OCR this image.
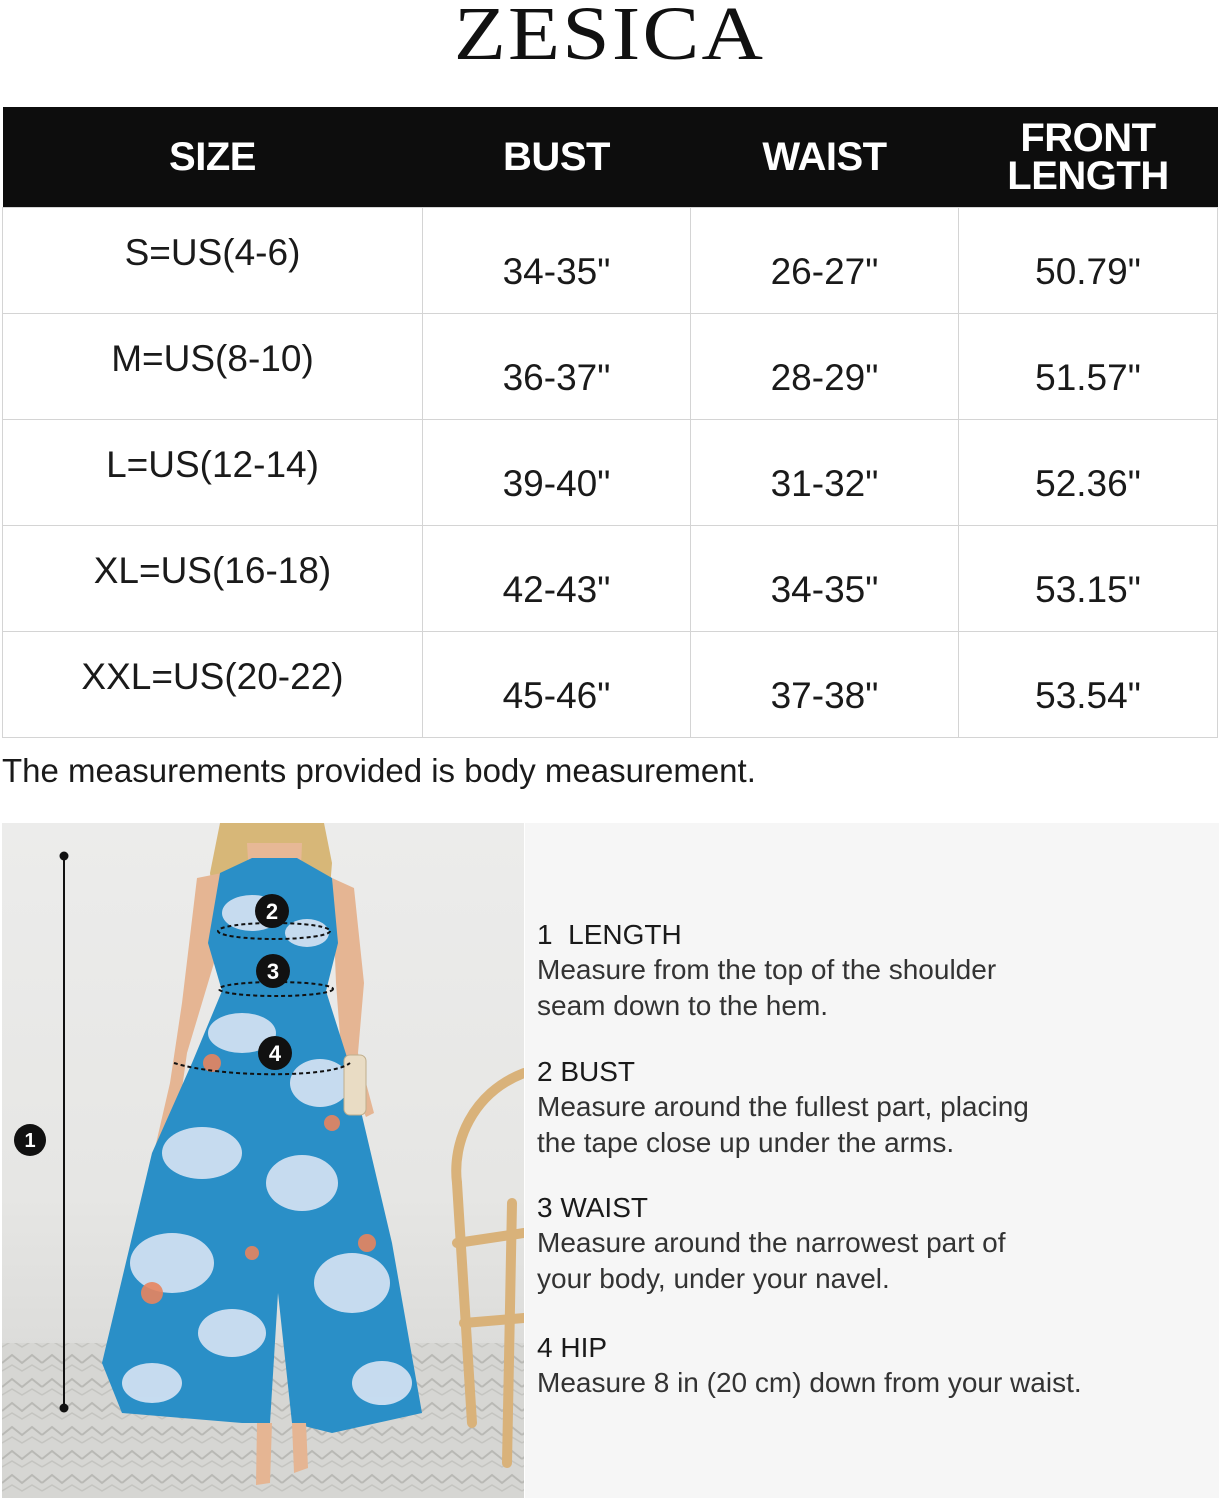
ZESICA
SIZE	BUST	WAIST	FRONT
LENGTH
S=US(4-6)	34-35"	26-27"	50.79"
M=US(8-10)	36-37"	28-29"	51.57"
L=US(12-14)	39-40"	31-32"	52.36"
XL=US(16-18)	42-43"	34-35"	53.15"
XXL=US(20-22)	45-46"	37-38"	53.54"
The measurements provided is body measurement.
1
2
3
4
1  LENGTH
Measure from the top of the shoulder
seam down to the hem.
2 BUST
Measure around the fullest part, placing
the tape close up under the arms.
3 WAIST
Measure around the narrowest part of
your body, under your navel.
4 HIP
Measure 8 in (20 cm) down from your waist.
